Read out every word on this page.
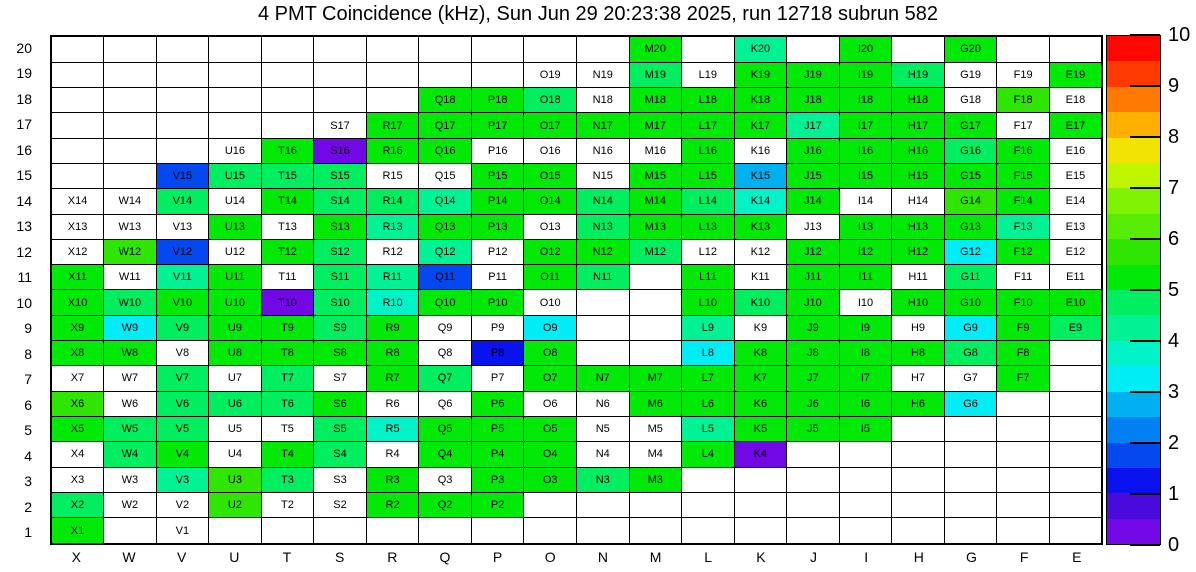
4 PMT Coincidence (kHz), Sun Jun 29 20:23:38 2025, run 12718 subrun 582
20
19
18
17
16
15
14
13
12
11
10
9
8
7
6
5
4
3
2
1
											M20		K20		I20		G20		
									O19	N19	M19	L19	K19	J19	I19	H19	G19	F19	E19
							Q18	P18	O18	N18	M18	L18	K18	J18	I18	H18	G18	F18	E18
					S17	R17	Q17	P17	O17	N17	M17	L17	K17	J17	I17	H17	G17	F17	E17
			U16	T16	S16	R16	Q16	P16	O16	N16	M16	L16	K16	J16	I16	H16	G16	F16	E16
		V15	U15	T15	S15	R15	Q15	P15	O15	N15	M15	L15	K15	J15	I15	H15	G15	F15	E15
X14	W14	V14	U14	T14	S14	R14	Q14	P14	O14	N14	M14	L14	K14	J14	I14	H14	G14	F14	E14
X13	W13	V13	U13	T13	S13	R13	Q13	P13	O13	N13	M13	L13	K13	J13	I13	H13	G13	F13	E13
X12	W12	V12	U12	T12	S12	R12	Q12	P12	O12	N12	M12	L12	K12	J12	I12	H12	G12	F12	E12
X11	W11	V11	U11	T11	S11	R11	Q11	P11	O11	N11		L11	K11	J11	I11	H11	G11	F11	E11
X10	W10	V10	U10	T10	S10	R10	Q10	P10	O10			L10	K10	J10	I10	H10	G10	F10	E10
X9	W9	V9	U9	T9	S9	R9	Q9	P9	O9			L9	K9	J9	I9	H9	G9	F9	E9
X8	W8	V8	U8	T8	S8	R8	Q8	P8	O8			L8	K8	J8	I8	H8	G8	F8	
X7	W7	V7	U7	T7	S7	R7	Q7	P7	O7	N7	M7	L7	K7	J7	I7	H7	G7	F7	
X6	W6	V6	U6	T6	S6	R6	Q6	P6	O6	N6	M6	L6	K6	J6	I6	H6	G6		
X5	W5	V5	U5	T5	S5	R5	Q5	P5	O5	N5	M5	L5	K5	J5	I5				
X4	W4	V4	U4	T4	S4	R4	Q4	P4	O4	N4	M4	L4	K4						
X3	W3	V3	U3	T3	S3	R3	Q3	P3	O3	N3	M3								
X2	W2	V2	U2	T2	S2	R2	Q2	P2											
X1		V1																	
X	W	V	U	T	S	R	Q	P	O	N	M	L	K	J	I	H	G	F	E
0
1
2
3
4
5
6
7
8
9
10
